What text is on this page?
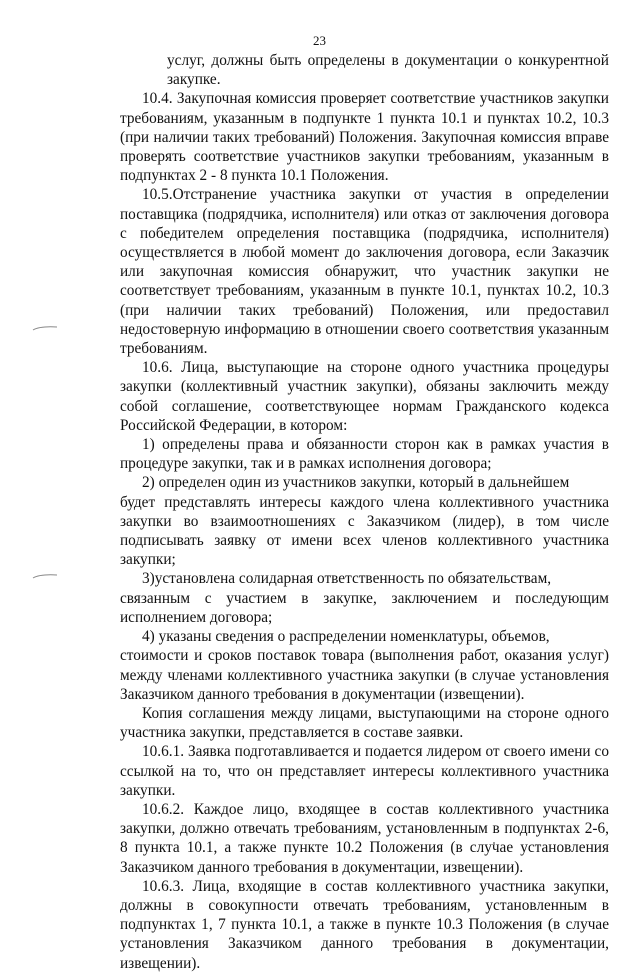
23

услуг, должны быть определены в документации о конкурентной закупке.

10.4. Закупочная комиссия проверяет соответствие участников закупки требованиям, указанным в подпункте 1 пункта 10.1 и пунктах 10.2, 10.3 (при наличии таких требований) Положения. Закупочная комиссия вправе проверять соответствие участников закупки требованиям, указанным в подпунктах 2 - 8 пункта 10.1 Положения.

10.5.Отстранение участника закупки от участия в определении поставщика (подрядчика, исполнителя) или отказ от заключения договора с победителем определения поставщика (подрядчика, исполнителя) осуществляется в любой момент до заключения договора, если Заказчик или закупочная комиссия обнаружит, что участник закупки не соответствует требованиям, указанным в пункте 10.1, пунктах 10.2, 10.3 (при наличии таких требований) Положения, или предоставил недостоверную информацию в отношении своего соответствия указанным требованиям.

10.6. Лица, выступающие на стороне одного участника процедуры закупки (коллективный участник закупки), обязаны заключить между собой соглашение, соответствующее нормам Гражданского кодекса Российской Федерации, в котором:

1) определены права и обязанности сторон как в рамках участия в процедуре закупки, так и в рамках исполнения договора;

2) определен один из участников закупки, который в дальнейшем

будет представлять интересы каждого члена коллективного участника закупки во взаимоотношениях с Заказчиком (лидер), в том числе подписывать заявку от имени всех членов коллективного участника закупки;

3)установлена солидарная ответственность по обязательствам,

связанным с участием в закупке, заключением и последующим исполнением договора;

4) указаны сведения о распределении номенклатуры, объемов,

стоимости и сроков поставок товара (выполнения работ, оказания услуг) между членами коллективного участника закупки (в случае установления Заказчиком данного требования в документации (извещении).

Копия соглашения между лицами, выступающими на стороне одного участника закупки, представляется в составе заявки.

10.6.1. Заявка подготавливается и подается лидером от своего имени со ссылкой на то, что он представляет интересы коллективного участника закупки.

10.6.2. Каждое лицо, входящее в состав коллективного участника закупки, должно отвечать требованиям, установленным в подпунктах 2-6, 8 пункта 10.1, а также пункте 10.2 Положения (в случае установления Заказчиком данного требования в документации, извещении).

10.6.3. Лица, входящие в состав коллективного участника закупки, должны в совокупности отвечать требованиям, установленным в подпунктах 1, 7 пункта 10.1, а также в пункте 10.3 Положения (в случае установления Заказчиком данного требования в документации, извещении).
